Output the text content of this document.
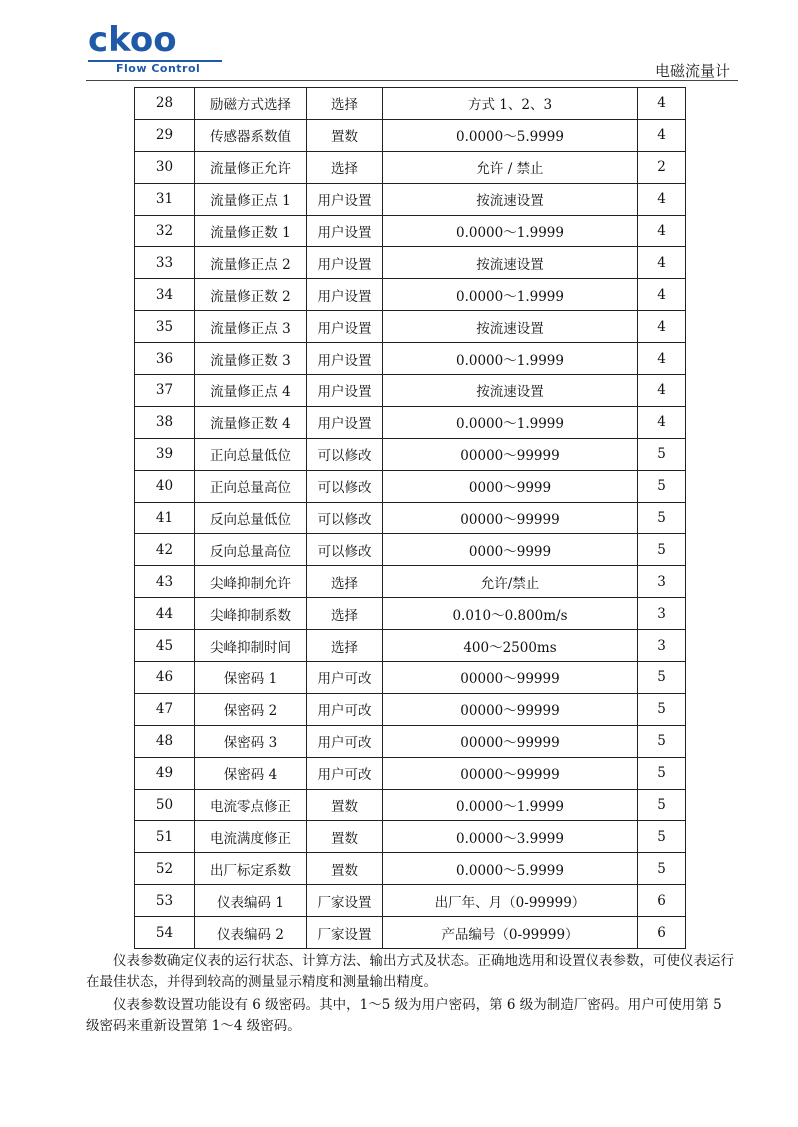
ckoo
Flow Control	电磁流量计
28	励磁方式选择	选择	方式 1、2、3	4
29	传感器系数值	置数	0.0000～5.9999	4
30	流量修正允许	选择	允许 / 禁止	2
31	流量修正点 1	用户设置	按流速设置	4
32	流量修正数 1	用户设置	0.0000～1.9999	4
33	流量修正点 2	用户设置	按流速设置	4
34	流量修正数 2	用户设置	0.0000～1.9999	4
35	流量修正点 3	用户设置	按流速设置	4
36	流量修正数 3	用户设置	0.0000～1.9999	4
37	流量修正点 4	用户设置	按流速设置	4
38	流量修正数 4	用户设置	0.0000～1.9999	4
39	正向总量低位	可以修改	00000～99999	5
40	正向总量高位	可以修改	0000～9999	5
41	反向总量低位	可以修改	00000～99999	5
42	反向总量高位	可以修改	0000～9999	5
43	尖峰抑制允许	选择	允许/禁止	3
44	尖峰抑制系数	选择	0.010～0.800m/s	3
45	尖峰抑制时间	选择	400～2500ms	3
46	保密码 1	用户可改	00000～99999	5
47	保密码 2	用户可改	00000～99999	5
48	保密码 3	用户可改	00000～99999	5
49	保密码 4	用户可改	00000～99999	5
50	电流零点修正	置数	0.0000～1.9999	5
51	电流满度修正	置数	0.0000～3.9999	5
52	出厂标定系数	置数	0.0000～5.9999	5
53	仪表编码 1	厂家设置	出厂年、月（0-99999）	6
54	仪表编码 2	厂家设置	产品编号（0-99999）	6

仪表参数确定仪表的运行状态、计算方法、输出方式及状态。正确地选用和设置仪表参数，可使仪表运行在最佳状态，并得到较高的测量显示精度和测量输出精度。

仪表参数设置功能设有 6 级密码。其中，1～5 级为用户密码，第 6 级为制造厂密码。用户可使用第 5 级密码来重新设置第 1～4 级密码。
